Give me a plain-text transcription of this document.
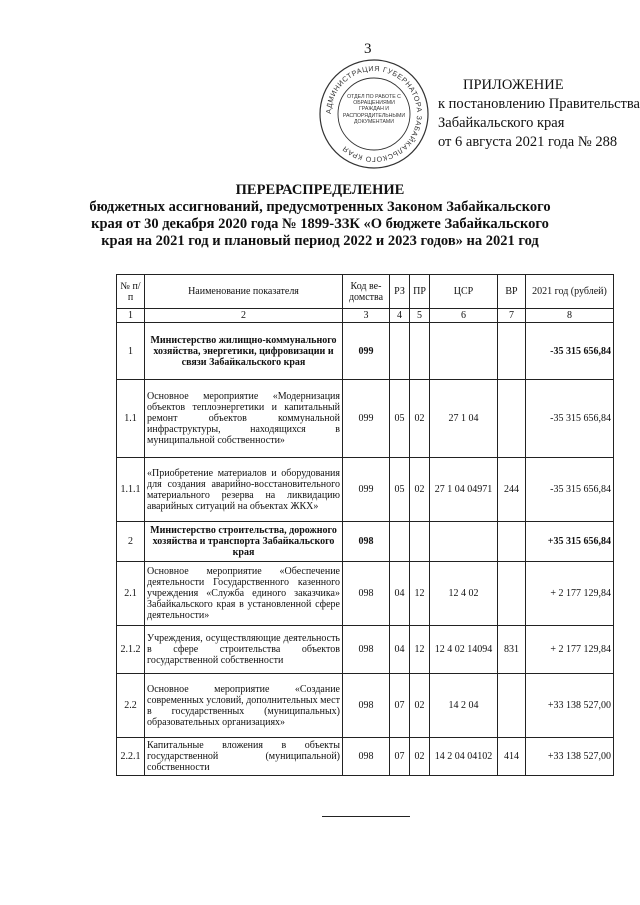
3
АДМИНИСТРАЦИЯ ГУБЕРНАТОРА ЗАБАЙКАЛЬСКОГО КРАЯ
ОТДЕЛ ПО РАБОТЕ С ОБРАЩЕНИЯМИ ГРАЖДАН И РАСПОРЯДИТЕЛЬНЫМИ ДОКУМЕНТАМИ
ПРИЛОЖЕНИЕ
к постановлению Правительства
Забайкальского края
от 6 августа 2021 года № 288
ПЕРЕРАСПРЕДЕЛЕНИЕ
бюджетных ассигнований, предусмотренных Законом Забайкальского
края от 30 декабря 2020 года № 1899-ЗЗК «О бюджете Забайкальского
края на 2021 год и плановый период 2022 и 2023 годов» на 2021 год
№ п/п	Наименование показателя	Код ве-домства	РЗ	ПР	ЦСР	ВР	2021 год (рублей)
1	2	3	4	5	6	7	8
1	Министерство жилищно-коммунального хозяйства, энергетики, цифровизации и связи Забайкальского края	099					-35 315 656,84
1.1	Основное мероприятие «Модернизация объектов теплоэнергетики и капитальный ремонт объектов коммунальной инфраструктуры, находящихся в муниципальной собственности»	099	05	02	27 1 04		-35 315 656,84
1.1.1	«Приобретение материалов и оборудования для создания аварийно-восстановительного материального резерва на ликвидацию аварийных ситуаций на объектах ЖКХ»	099	05	02	27 1 04 04971	244	-35 315 656,84
2	Министерство строительства, дорожного хозяйства и транспорта Забайкальского края	098					+35 315 656,84
2.1	Основное мероприятие «Обеспечение деятельности Государственного казенного учреждения «Служба единого заказчика» Забайкальского края в установленной сфере деятельности»	098	04	12	12 4 02		+ 2 177 129,84
2.1.2	Учреждения, осуществляющие деятельность в сфере строительства объектов государственной собственности	098	04	12	12 4 02 14094	831	+ 2 177 129,84
2.2	Основное мероприятие «Создание современных условий, дополнительных мест в государственных (муниципальных) образовательных организациях»	098	07	02	14 2 04		+33 138 527,00
2.2.1	Капитальные вложения в объекты государственной (муниципальной) собственности	098	07	02	14 2 04 04102	414	+33 138 527,00
